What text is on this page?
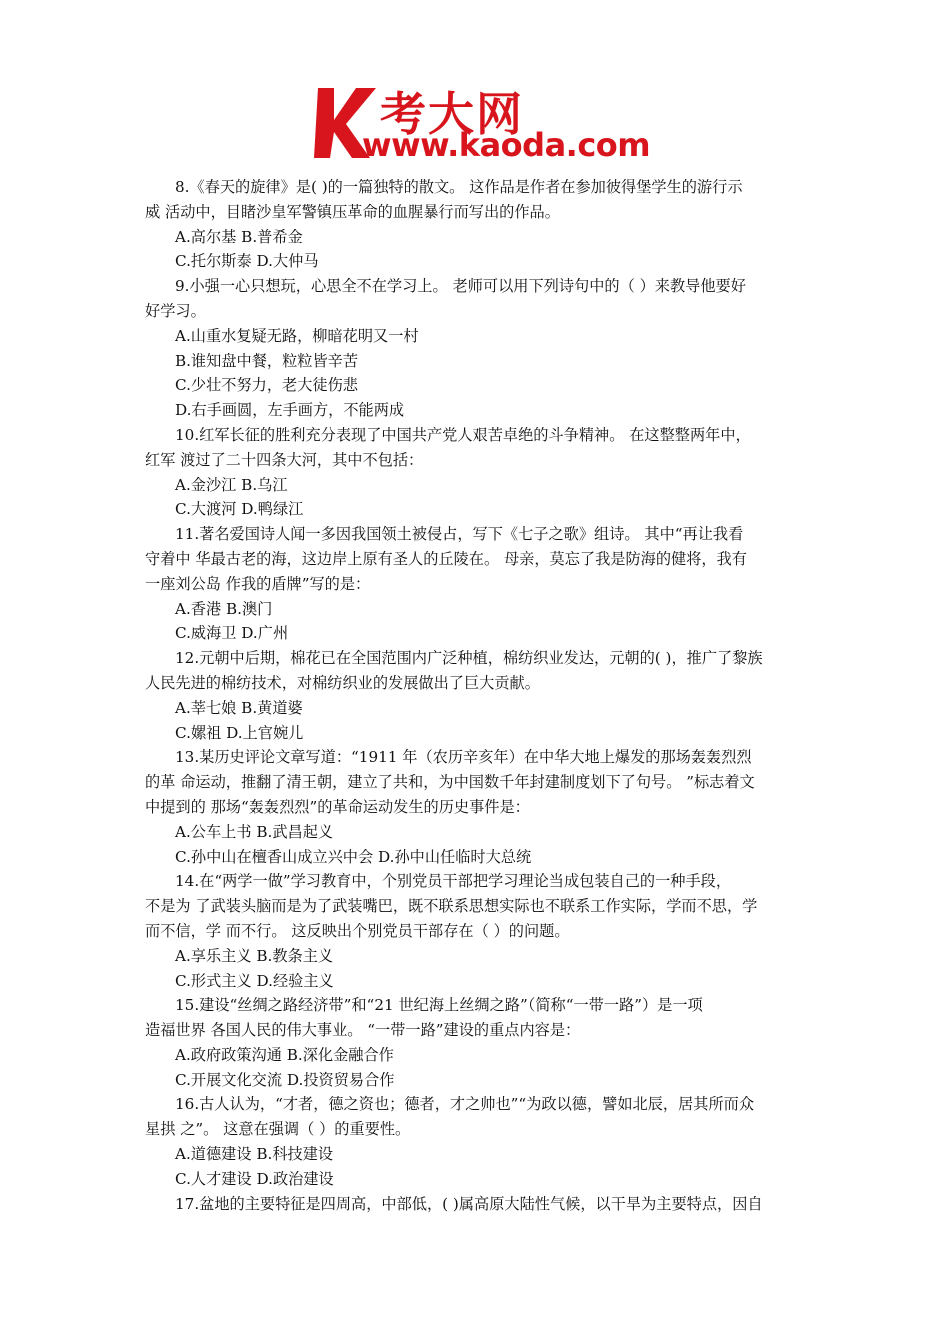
考大网
www.kaoda.com
8.《春天的旋律》是( )的一篇独特的散文。 这作品是作者在参加彼得堡学生的游行示
威 活动中，目睹沙皇军警镇压革命的血腥暴行而写出的作品。
A.高尔基 B.普希金
C.托尔斯泰 D.大仲马
9.小强一心只想玩，心思全不在学习上。 老师可以用下列诗句中的（ ）来教导他要好
好学习。
A.山重水复疑无路，柳暗花明又一村
B.谁知盘中餐，粒粒皆辛苦
C.少壮不努力，老大徒伤悲
D.右手画圆，左手画方，不能两成
10.红军长征的胜利充分表现了中国共产党人艰苦卓绝的斗争精神。 在这整整两年中，
红军 渡过了二十四条大河，其中不包括：
A.金沙江 B.乌江
C.大渡河 D.鸭绿江
11.著名爱国诗人闻一多因我国领土被侵占，写下《七子之歌》组诗。 其中“再让我看
守着中 华最古老的海，这边岸上原有圣人的丘陵在。 母亲，莫忘了我是防海的健将，我有
一座刘公岛 作我的盾牌”写的是：
A.香港 B.澳门
C.威海卫 D.广州
12.元朝中后期，棉花已在全国范围内广泛种植，棉纺织业发达，元朝的( )，推广了黎族
人民先进的棉纺技术，对棉纺织业的发展做出了巨大贡献。
A.莘七娘 B.黄道婆
C.嫘祖 D.上官婉儿
13.某历史评论文章写道：“1911 年（农历辛亥年）在中华大地上爆发的那场轰轰烈烈
的革 命运动，推翻了清王朝，建立了共和，为中国数千年封建制度划下了句号。 ”标志着文
中提到的 那场“轰轰烈烈”的革命运动发生的历史事件是：
A.公车上书 B.武昌起义
C.孙中山在檀香山成立兴中会 D.孙中山任临时大总统
14.在“两学一做”学习教育中，个别党员干部把学习理论当成包装自己的一种手段，
不是为 了武装头脑而是为了武装嘴巴，既不联系思想实际也不联系工作实际，学而不思，学
而不信，学 而不行。 这反映出个别党员干部存在（ ）的问题。
A.享乐主义 B.教条主义
C.形式主义 D.经验主义
15.建设“丝绸之路经济带”和“21 世纪海上丝绸之路”（简称“一带一路”）是一项
造福世界 各国人民的伟大事业。 “一带一路”建设的重点内容是：
A.政府政策沟通 B.深化金融合作
C.开展文化交流 D.投资贸易合作
16.古人认为，“才者，德之资也；德者，才之帅也”“为政以德，譬如北辰，居其所而众
星拱 之”。 这意在强调（ ）的重要性。
A.道德建设 B.科技建设
C.人才建设 D.政治建设
17.盆地的主要特征是四周高，中部低，( )属高原大陆性气候，以干旱为主要特点，因自
